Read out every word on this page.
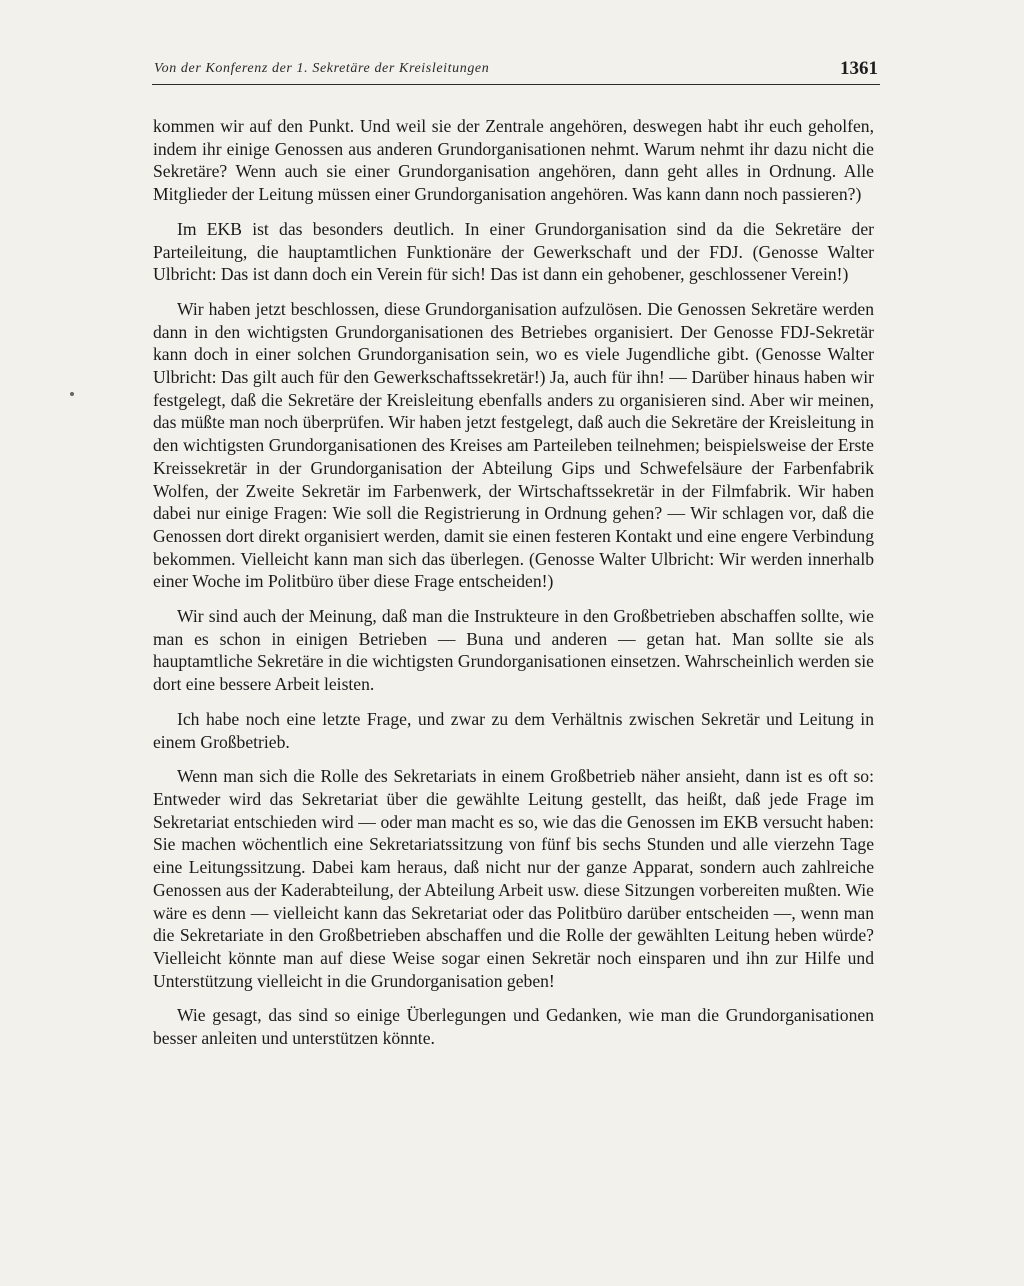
Von der Konferenz der 1. Sekretäre der Kreisleitungen	1361

kommen wir auf den Punkt. Und weil sie der Zentrale angehören, deswegen habt ihr euch geholfen, indem ihr einige Genossen aus anderen Grundorganisationen nehmt. Warum nehmt ihr dazu nicht die Sekretäre? Wenn auch sie einer Grundorganisation angehören, dann geht alles in Ordnung. Alle Mitglieder der Leitung müssen einer Grundorganisation angehören. Was kann dann noch passieren?)

Im EKB ist das besonders deutlich. In einer Grundorganisation sind da die Sekretäre der Parteileitung, die hauptamtlichen Funktionäre der Gewerkschaft und der FDJ. (Genosse Walter Ulbricht: Das ist dann doch ein Verein für sich! Das ist dann ein gehobener, geschlossener Verein!)

Wir haben jetzt beschlossen, diese Grundorganisation aufzulösen. Die Genossen Sekretäre werden dann in den wichtigsten Grundorganisationen des Betriebes organisiert. Der Genosse FDJ-Sekretär kann doch in einer solchen Grundorganisation sein, wo es viele Jugendliche gibt. (Genosse Walter Ulbricht: Das gilt auch für den Gewerkschaftssekretär!) Ja, auch für ihn! — Darüber hinaus haben wir festgelegt, daß die Sekretäre der Kreisleitung ebenfalls anders zu organisieren sind. Aber wir meinen, das müßte man noch überprüfen. Wir haben jetzt festgelegt, daß auch die Sekretäre der Kreisleitung in den wichtigsten Grundorganisationen des Kreises am Parteileben teilnehmen; beispielsweise der Erste Kreissekretär in der Grundorganisation der Abteilung Gips und Schwefelsäure der Farbenfabrik Wolfen, der Zweite Sekretär im Farbenwerk, der Wirtschaftssekretär in der Filmfabrik. Wir haben dabei nur einige Fragen: Wie soll die Registrierung in Ordnung gehen? — Wir schlagen vor, daß die Genossen dort direkt organisiert werden, damit sie einen festeren Kontakt und eine engere Verbindung bekommen. Vielleicht kann man sich das überlegen. (Genosse Walter Ulbricht: Wir werden innerhalb einer Woche im Politbüro über diese Frage entscheiden!)

Wir sind auch der Meinung, daß man die Instrukteure in den Großbetrieben abschaffen sollte, wie man es schon in einigen Betrieben — Buna und anderen — getan hat. Man sollte sie als hauptamtliche Sekretäre in die wichtigsten Grundorganisationen einsetzen. Wahrscheinlich werden sie dort eine bessere Arbeit leisten.

Ich habe noch eine letzte Frage, und zwar zu dem Verhältnis zwischen Sekretär und Leitung in einem Großbetrieb.

Wenn man sich die Rolle des Sekretariats in einem Großbetrieb näher ansieht, dann ist es oft so: Entweder wird das Sekretariat über die gewählte Leitung gestellt, das heißt, daß jede Frage im Sekretariat entschieden wird — oder man macht es so, wie das die Genossen im EKB versucht haben: Sie machen wöchentlich eine Sekretariatssitzung von fünf bis sechs Stunden und alle vierzehn Tage eine Leitungssitzung. Dabei kam heraus, daß nicht nur der ganze Apparat, sondern auch zahlreiche Genossen aus der Kaderabteilung, der Abteilung Arbeit usw. diese Sitzungen vorbereiten mußten. Wie wäre es denn — vielleicht kann das Sekretariat oder das Politbüro darüber entscheiden —, wenn man die Sekretariate in den Großbetrieben abschaffen und die Rolle der gewählten Leitung heben würde? Vielleicht könnte man auf diese Weise sogar einen Sekretär noch einsparen und ihn zur Hilfe und Unterstützung vielleicht in die Grundorganisation geben!

Wie gesagt, das sind so einige Überlegungen und Gedanken, wie man die Grundorganisationen besser anleiten und unterstützen könnte.
